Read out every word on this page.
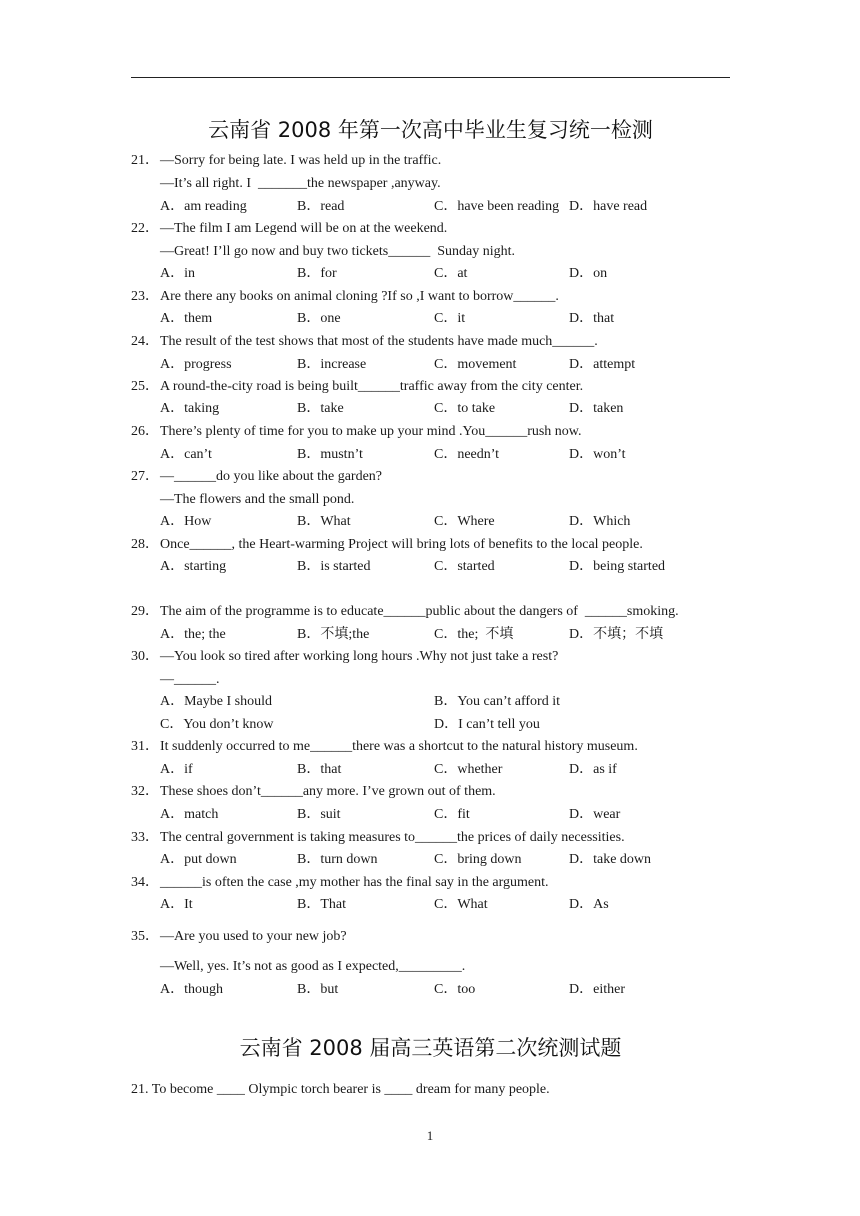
云南省 2008 年第一次高中毕业生复习统一检测
21． —Sorry for being late. I was held up in the traffic.
—It’s all right. I  _______the newspaper ,anyway.
A．am reading	B．read	C．have been reading D．have read
22． —The film I am Legend will be on at the weekend.
—Great! I’ll go now and buy two tickets______  Sunday night.
A．in	B．for	C．at	D．on
23． Are there any books on animal cloning ?If so ,I want to borrow______.
A．them	B．one	C．it	D．that
24． The result of the test shows that most of the students have made much______.
A．progress	B．increase	C．movement	D．attempt
25． A round-the-city road is being built______traffic away from the city center.
A．taking	B．take	C．to take	D．taken
26． There’s plenty of time for you to make up your mind .You______rush now.
A．can’t	B．mustn’t	C．needn’t	D．won’t
27． —______do you like about the garden?
—The flowers and the small pond.
A．How	B．What	C．Where	D．Which
28． Once______, the Heart-warming Project will bring lots of benefits to the local people.
A．starting	B．is started	C．started	D．being started
29． The aim of the programme is to educate______public about the dangers of  ______smoking.
A．the; the	B．不填;the	C．the;  不填	D．不填；不填
30． —You look so tired after working long hours .Why not just take a rest?
—______.
A．Maybe I should	B．You can’t afford it
C．You don’t know	D．I can’t tell you
31． It suddenly occurred to me______there was a shortcut to the natural history museum.
A．if	B．that	C．whether	D．as if
32． These shoes don’t______any more. I’ve grown out of them.
A．match	B．suit	C．fit	D．wear
33． The central government is taking measures to______the prices of daily necessities.
A．put down	B．turn down	C．bring down	D．take down
34． ______is often the case ,my mother has the final say in the argument.
A．It	B．That	C．What	D．As
35． —Are you used to your new job?
—Well, yes. It’s not as good as I expected,_________.
A．though	B．but	C．too	D．either
云南省 2008 届高三英语第二次统测试题
21. To become ____ Olympic torch bearer is ____ dream for many people.
1
